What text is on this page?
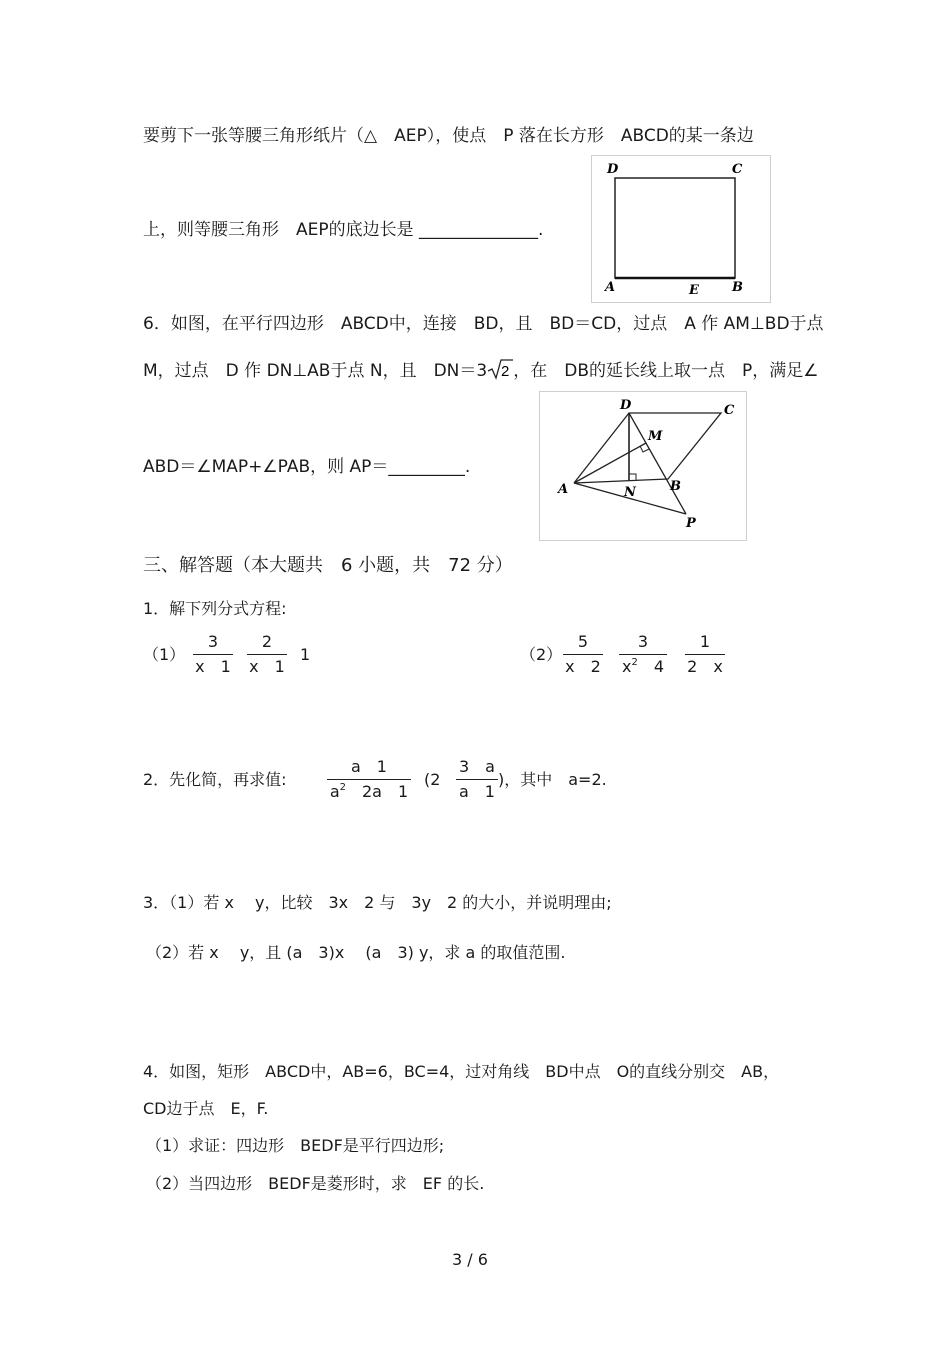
要剪下一张等腰三角形纸片（△　AEP），使点　P 落在长方形　ABCD的某一条边
上，则等腰三角形　AEP的底边长是 ______________.
D	C
A	E	B
6．如图，在平行四边形　ABCD中，连接　BD，且　BD＝CD，过点　A 作 AM⊥BD于点
M，过点　D 作 DN⊥AB于点 N，且　DN＝3 2 ，在　DB的延长线上取一点　P，满足∠
ABD＝∠MAP+∠PAB，则 AP＝_________.
D	C
M
A	N	B
P
三、解答题（本大题共　6 小题，共　72 分）
1．解下列分式方程:
（1）
3
x　1
2
x　1
1	（2）
5
x　2
3
$x^2$　4
1
2　x
2．先化简，再求值:
a　1
$a^2$　2a　1
(2
3　a
a　1
)，其中　a=2.
3．（1）若 x　 y，比较　3x　2 与　3y　2 的大小，并说明理由;
（2）若 x　 y，且 (a　3)x　 (a　3) y，求 a 的取值范围.
4．如图，矩形　ABCD中，AB=6，BC=4，过对角线　BD中点　O的直线分别交　AB，
CD边于点　E，F.
（1）求证：四边形　BEDF是平行四边形;
（2）当四边形　BEDF是菱形时，求　EF 的长.
3 / 6
